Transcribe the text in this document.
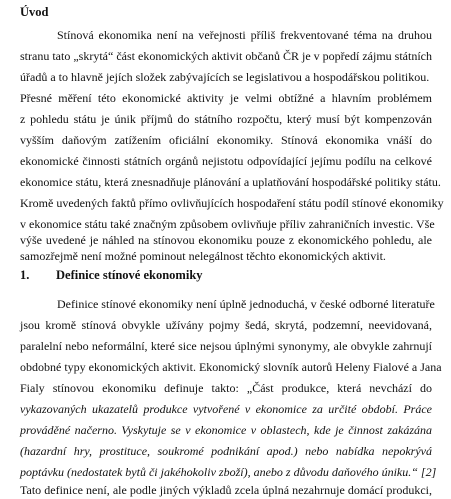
Úvod
Stínová ekonomika není na veřejnosti příliš frekventované téma na druhou
stranu tato „skrytá“ část ekonomických aktivit občanů ČR je v popředí zájmu státních
úřadů a to hlavně jejích složek zabývajících se legislativou a hospodářskou politikou.
Přesné měření této ekonomické aktivity je velmi obtížné a hlavním problémem
z pohledu státu je únik příjmů do státního rozpočtu, který musí být kompenzován
vyšším daňovým zatížením oficiální ekonomiky. Stínová ekonomika vnáší do
ekonomické činnosti státních orgánů nejistotu odpovídající jejímu podílu na celkové
ekonomice státu, která znesnadňuje plánování a uplatňování hospodářské politiky státu.
Kromě uvedených faktů přímo ovlivňujících hospodaření státu podíl stínové ekonomiky
v ekonomice státu také značným způsobem ovlivňuje příliv zahraničních investic. Vše
výše uvedené je náhled na stínovou ekonomiku pouze z ekonomického pohledu, ale
samozřejmě není možné pominout nelegálnost těchto ekonomických aktivit.
1. Definice stínové ekonomiky
Definice stínové ekonomiky není úplně jednoduchá, v české odborné literatuře
jsou kromě stínová obvykle užívány pojmy šedá, skrytá, podzemní, neevidovaná,
paralelní nebo neformální, které sice nejsou úplnými synonymy, ale obvykle zahrnují
obdobné typy ekonomických aktivit. Ekonomický slovník autorů Heleny Fialové a Jana
Fialy stínovou ekonomiku definuje takto: „Část produkce, která nevchází do
vykazovaných ukazatelů produkce vytvořené v ekonomice za určité období. Práce
prováděné načerno. Vyskytuje se v ekonomice v oblastech, kde je činnost zakázána
(hazardní hry, prostituce, soukromé podnikání apod.) nebo nabídka nepokrývá
poptávku (nedostatek bytů či jakéhokoliv zboží), anebo z důvodu daňového úniku.“ [2]
Tato definice není, ale podle jiných výkladů zcela úplná nezahrnuje domácí produkci,
